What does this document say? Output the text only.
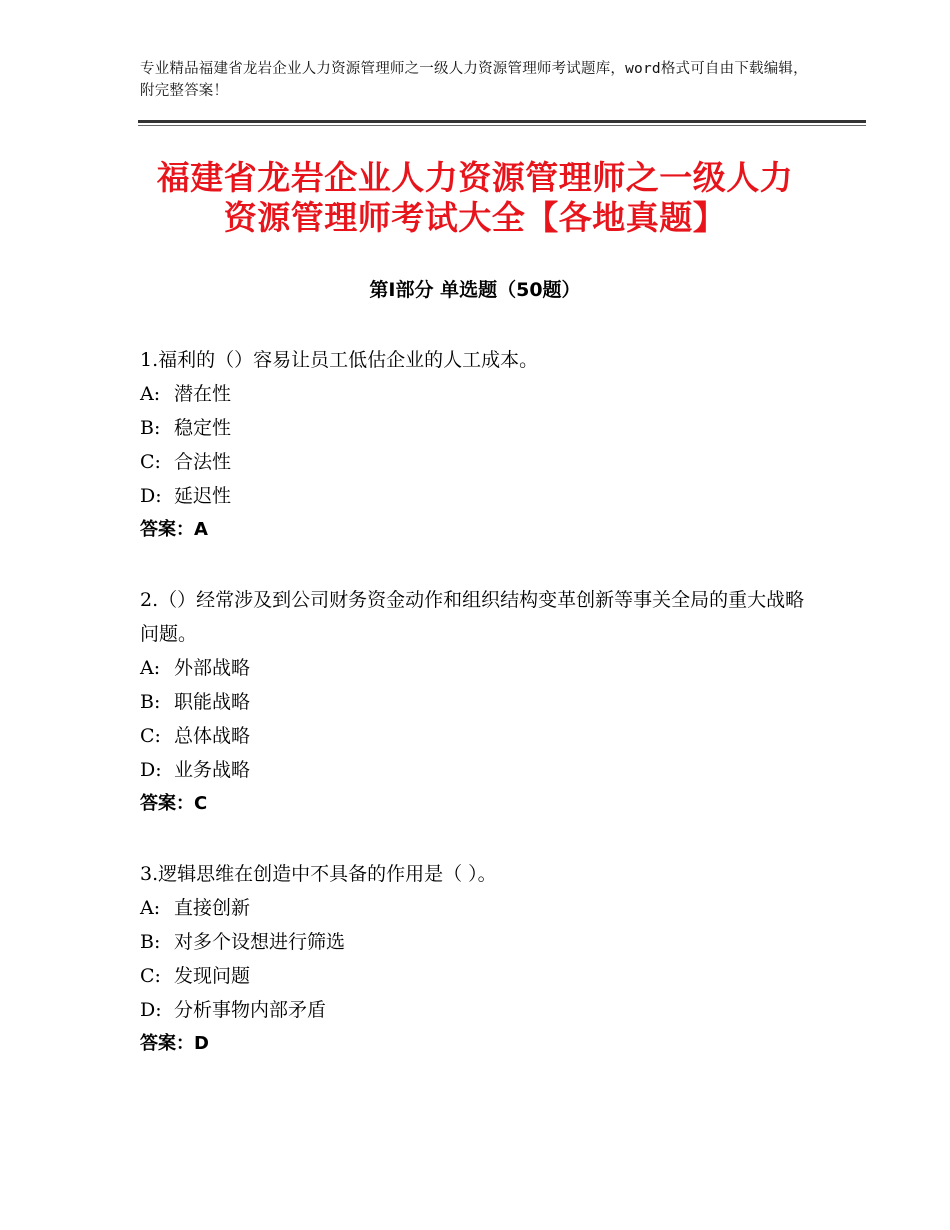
专业精品福建省龙岩企业人力资源管理师之一级人力资源管理师考试题库，word格式可自由下载编辑，附完整答案！
福建省龙岩企业人力资源管理师之一级人力
资源管理师考试大全【各地真题】
第Ⅰ部分 单选题（50题）

1.福利的（）容易让员工低估企业的人工成本。

A: 潜在性

B: 稳定性

C: 合法性

D: 延迟性

答案：A

2.（）经常涉及到公司财务资金动作和组织结构变革创新等事关全局的重大战略问题。

A: 外部战略

B: 职能战略

C: 总体战略

D: 业务战略

答案：C

3.逻辑思维在创造中不具备的作用是（ ）。

A: 直接创新

B: 对多个设想进行筛选

C: 发现问题

D: 分析事物内部矛盾

答案：D
